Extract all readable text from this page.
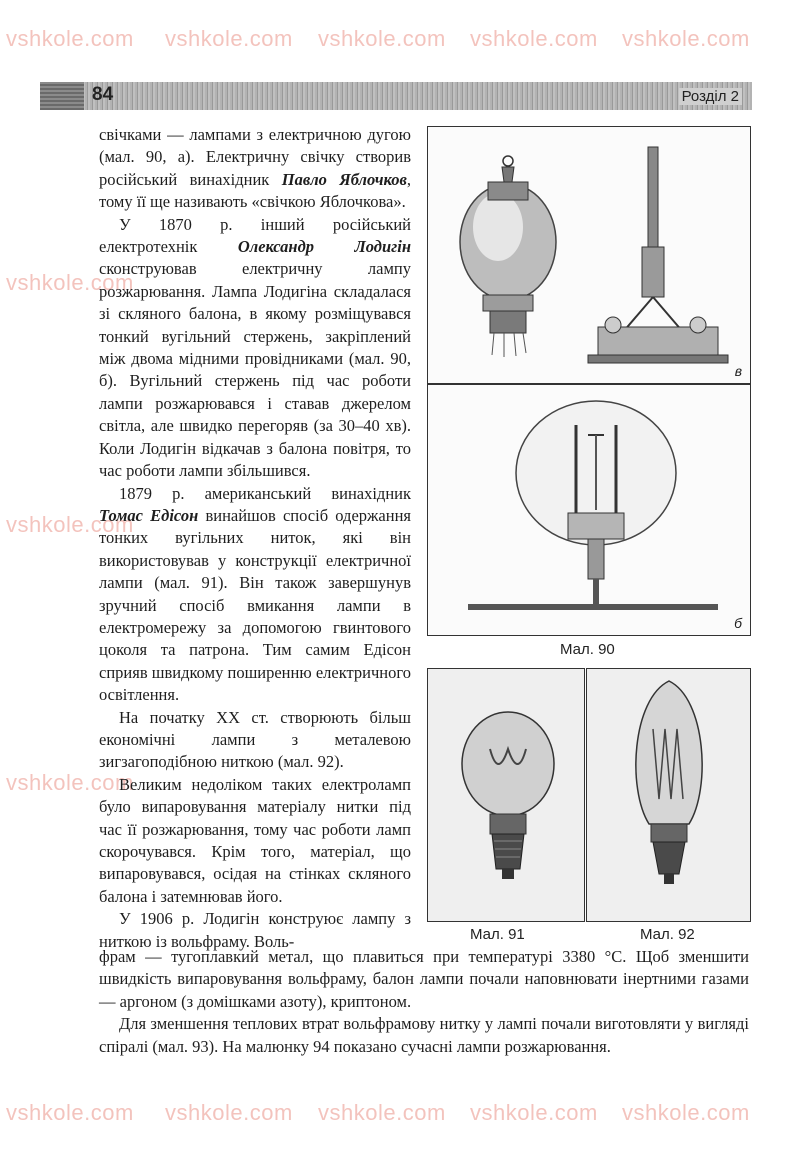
vshkole.com vshkole.com vshkole.com vshkole.com vshkole.com
vshkole.com
vshkole.com
vshkole.com
vshkole.com vshkole.com vshkole.com vshkole.com vshkole.com
84	Розділ 2

свічками — лампами з електричною дугою (мал. 90, а). Електричну свічку створив російський винахідник Павло Яблочков, тому її ще називають «свічкою Яблочкова».

У 1870 р. інший російський електротехнік Олександр Лодигін сконструював електричну лампу розжарювання. Лампа Лодигіна складалася зі скляного балона, в якому розміщувався тонкий вугільний стержень, закріплений між двома мідними провідниками (мал. 90, б). Вугільний стержень під час роботи лампи розжарювався і ставав джерелом світла, але швидко перегоряв (за 30–40 хв). Коли Лодигін відкачав з балона повітря, то час роботи лампи збільшився.

1879 р. американський винахідник Томас Едісон винайшов спосіб одержання тонких вугільних ниток, які він використовував у конструкції електричної лампи (мал. 91). Він також завершунув зручний спосіб вмикання лампи в електромережу за допомогою гвинтового цоколя та патрона. Тим самим Едісон сприяв швидкому поширенню електричного освітлення.

На початку XX ст. створюють більш економічні лампи з металевою зигзагоподібною ниткою (мал. 92).

Великим недоліком таких електроламп було випаровування матеріалу нитки під час її розжарювання, тому час роботи ламп скорочувався. Крім того, матеріал, що випаровувався, осідая на стінках скляного балона і затемнював його.

У 1906 р. Лодигін конструює лампу з ниткою із вольфраму. Воль-

фрам — тугоплавкий метал, що плавиться при температурі 3380 °С. Щоб зменшити швидкість випаровування вольфраму, балон лампи почали наповнювати інертними газами — аргоном (з домішками азоту), криптоном.

Для зменшення теплових втрат вольфрамову нитку у лампі почали виготовляти у вигляді спіралі (мал. 93). На малюнку 94 показано сучасні лампи розжарювання.

в
б
Мал. 90
Мал. 91	Мал. 92
